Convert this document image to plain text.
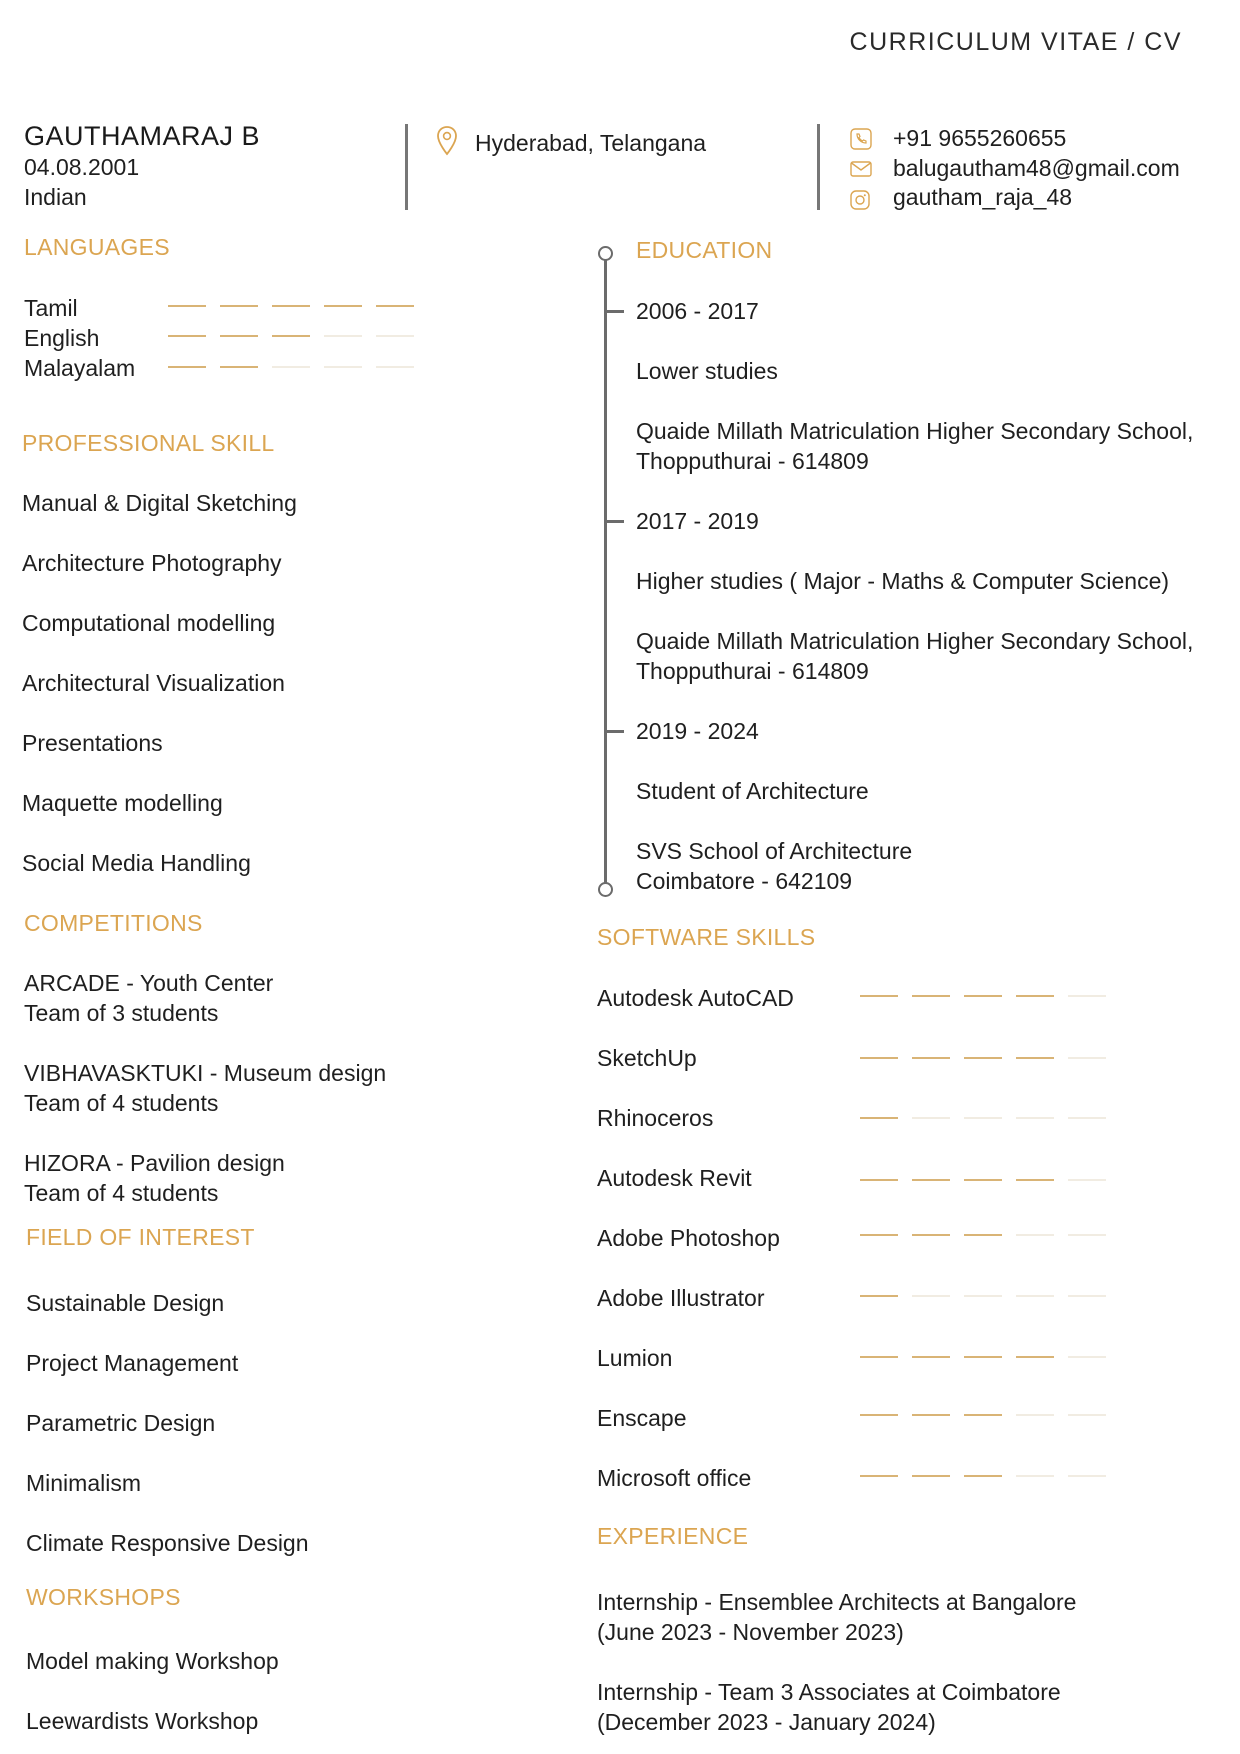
CURRICULUM VITAE / CV
GAUTHAMARAJ B
04.08.2001
Indian
Hyderabad, Telangana	+91 9655260655
balugautham48@gmail.com
gautham_raja_48
LANGUAGES
Tamil
English
Malayalam
PROFESSIONAL SKILL
Manual & Digital Sketching
Architecture Photography
Computational modelling
Architectural Visualization
Presentations
Maquette modelling
Social Media Handling
COMPETITIONS
ARCADE - Youth Center
Team of 3 students
VIBHAVASKTUKI - Museum design
Team of 4 students
HIZORA - Pavilion design
Team of 4 students
FIELD OF INTEREST
Sustainable Design
Project Management
Parametric Design
Minimalism
Climate Responsive Design
WORKSHOPS
Model making Workshop
Leewardists Workshop
EDUCATION
2006 - 2017
Lower studies
Quaide Millath Matriculation Higher Secondary School,
Thopputhurai - 614809
2017 - 2019
Higher studies ( Major - Maths & Computer Science)
Quaide Millath Matriculation Higher Secondary School,
Thopputhurai - 614809
2019 - 2024
Student of Architecture
SVS School of Architecture
Coimbatore - 642109
SOFTWARE SKILLS
Autodesk AutoCAD
SketchUp
Rhinoceros
Autodesk Revit
Adobe Photoshop
Adobe Illustrator
Lumion
Enscape
Microsoft office
EXPERIENCE
Internship - Ensemblee Architects at Bangalore
(June 2023 - November 2023)
Internship - Team 3 Associates at Coimbatore
(December 2023 - January 2024)
